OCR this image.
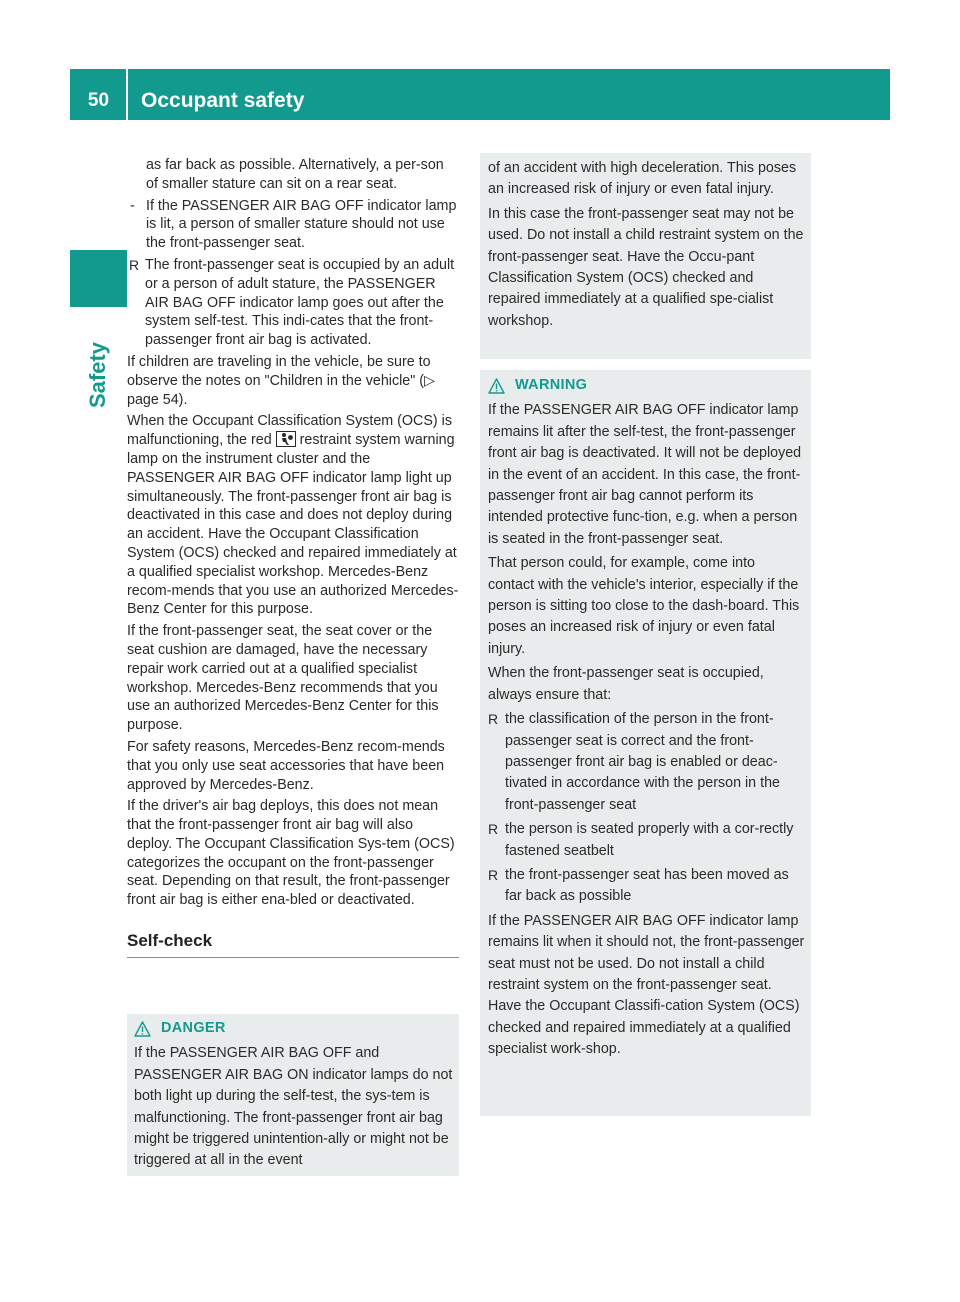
50	Occupant safety
Safety

as far back as possible. Alternatively, a per-son of smaller stature can sit on a rear seat.

- If the PASSENGER AIR BAG OFF indicator lamp is lit, a person of smaller stature should not use the front-passenger seat.

R The front-passenger seat is occupied by an adult or a person of adult stature, the PASSENGER AIR BAG OFF indicator lamp goes out after the system self-test. This indi-cates that the front-passenger front air bag is activated.

If children are traveling in the vehicle, be sure to observe the notes on "Children in the vehicle" (▷ page 54).

When the Occupant Classification System (OCS) is malfunctioning, the red restraint system warning lamp on the instrument cluster and the PASSENGER AIR BAG OFF indicator lamp light up simultaneously. The front-passenger front air bag is deactivated in this case and does not deploy during an accident. Have the Occupant Classification System (OCS) checked and repaired immediately at a qualified specialist workshop. Mercedes-Benz recom-mends that you use an authorized Mercedes-Benz Center for this purpose.

If the front-passenger seat, the seat cover or the seat cushion are damaged, have the necessary repair work carried out at a qualified specialist workshop. Mercedes-Benz recommends that you use an authorized Mercedes-Benz Center for this purpose.

For safety reasons, Mercedes-Benz recom-mends that you only use seat accessories that have been approved by Mercedes-Benz.

If the driver's air bag deploys, this does not mean that the front-passenger front air bag will also deploy. The Occupant Classification Sys-tem (OCS) categorizes the occupant on the front-passenger seat. Depending on that result, the front-passenger front air bag is either ena-bled or deactivated.

Self-check
DANGER

If the PASSENGER AIR BAG OFF and PASSENGER AIR BAG ON indicator lamps do not both light up during the self-test, the sys-tem is malfunctioning. The front-passenger front air bag might be triggered unintention-ally or might not be triggered at all in the event

of an accident with high deceleration. This poses an increased risk of injury or even fatal injury.

In this case the front-passenger seat may not be used. Do not install a child restraint system on the front-passenger seat. Have the Occu-pant Classification System (OCS) checked and repaired immediately at a qualified spe-cialist workshop.

WARNING

If the PASSENGER AIR BAG OFF indicator lamp remains lit after the self-test, the front-passenger front air bag is deactivated. It will not be deployed in the event of an accident. In this case, the front-passenger front air bag cannot perform its intended protective func-tion, e.g. when a person is seated in the front-passenger seat.

That person could, for example, come into contact with the vehicle's interior, especially if the person is sitting too close to the dash-board. This poses an increased risk of injury or even fatal injury.

When the front-passenger seat is occupied, always ensure that:

R the classification of the person in the front-passenger seat is correct and the front-passenger front air bag is enabled or deac-tivated in accordance with the person in the front-passenger seat

R the person is seated properly with a cor-rectly fastened seatbelt

R the front-passenger seat has been moved as far back as possible

If the PASSENGER AIR BAG OFF indicator lamp remains lit when it should not, the front-passenger seat must not be used. Do not install a child restraint system on the front-passenger seat. Have the Occupant Classifi-cation System (OCS) checked and repaired immediately at a qualified specialist work-shop.
